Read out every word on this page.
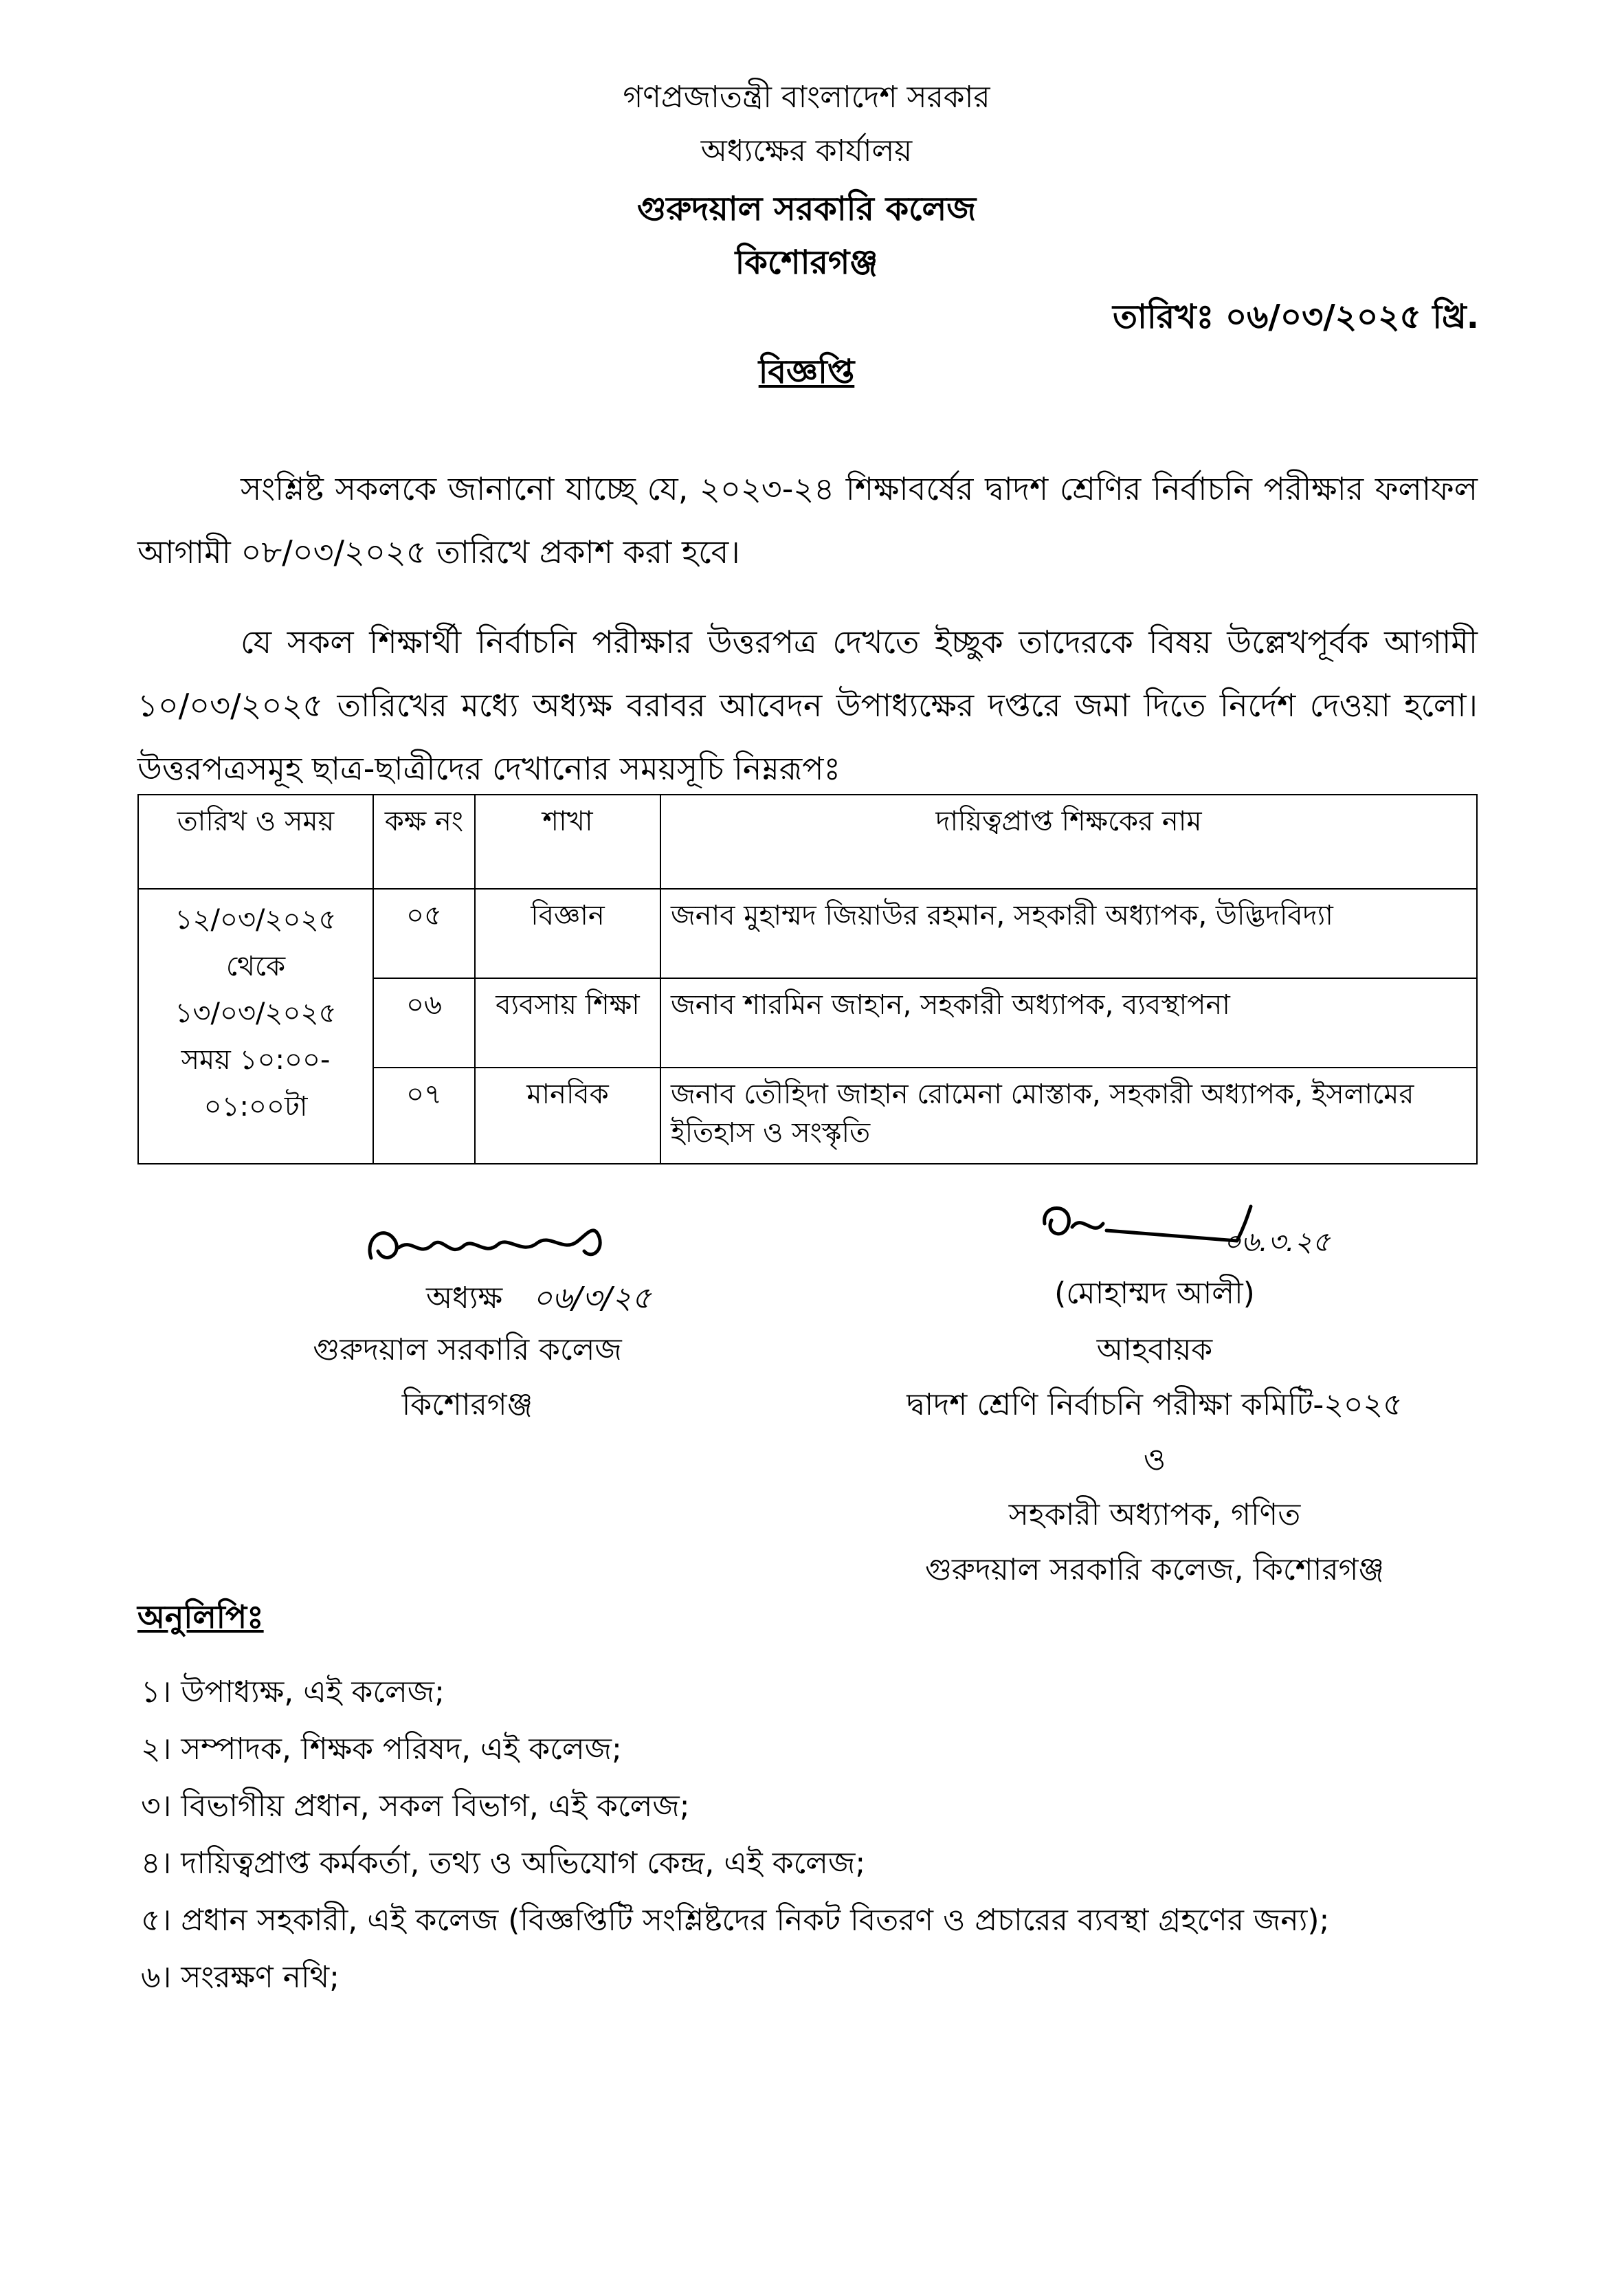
গণপ্রজাতন্ত্রী বাংলাদেশ সরকার
অধ্যক্ষের কার্যালয়
গুরুদয়াল সরকারি কলেজ
কিশোরগঞ্জ
তারিখঃ ০৬/০৩/২০২৫ খ্রি.
বিজ্ঞপ্তি
সংশ্লিষ্ট সকলকে জানানো যাচ্ছে যে, ২০২৩-২৪ শিক্ষাবর্ষের দ্বাদশ শ্রেণির নির্বাচনি পরীক্ষার ফলাফল আগামী ০৮/০৩/২০২৫ তারিখে প্রকাশ করা হবে।
যে সকল শিক্ষার্থী নির্বাচনি পরীক্ষার উত্তরপত্র দেখতে ইচ্ছুক তাদেরকে বিষয় উল্লেখপূর্বক আগামী ১০/০৩/২০২৫ তারিখের মধ্যে অধ্যক্ষ বরাবর আবেদন উপাধ্যক্ষের দপ্তরে জমা দিতে নির্দেশ দেওয়া হলো। উত্তরপত্রসমূহ ছাত্র-ছাত্রীদের দেখানোর সময়সূচি নিম্নরূপঃ
তারিখ ও সময়	কক্ষ নং	শাখা	দায়িত্বপ্রাপ্ত শিক্ষকের নাম

১২/০৩/২০২৫
থেকে
১৩/০৩/২০২৫
সময় ১০:০০-
০১:০০টা	০৫	বিজ্ঞান	জনাব মুহাম্মদ জিয়াউর রহমান, সহকারী অধ্যাপক, উদ্ভিদবিদ্যা
	০৬	ব্যবসায় শিক্ষা	জনাব শারমিন জাহান, সহকারী অধ্যাপক, ব্যবস্থাপনা
	০৭	মানবিক	জনাব তৌহিদা জাহান রোমেনা মোস্তাক, সহকারী অধ্যাপক, ইসলামের ইতিহাস ও সংস্কৃতি
০৬/৩/২৫
অধ্যক্ষ
গুরুদয়াল সরকারি কলেজ
কিশোরগঞ্জ
০৬.৩.২৫
(মোহাম্মদ আলী)
আহবায়ক
দ্বাদশ শ্রেণি নির্বাচনি পরীক্ষা কমিটি-২০২৫
ও
সহকারী অধ্যাপক, গণিত
গুরুদয়াল সরকারি কলেজ, কিশোরগঞ্জ
অনুলিপিঃ
১। উপাধ্যক্ষ, এই কলেজ;
২। সম্পাদক, শিক্ষক পরিষদ, এই কলেজ;
৩। বিভাগীয় প্রধান, সকল বিভাগ, এই কলেজ;
৪। দায়িত্বপ্রাপ্ত কর্মকর্তা, তথ্য ও অভিযোগ কেন্দ্র, এই কলেজ;
৫। প্রধান সহকারী, এই কলেজ (বিজ্ঞপ্তিটি সংশ্লিষ্টদের নিকট বিতরণ ও প্রচারের ব্যবস্থা গ্রহণের জন্য);
৬। সংরক্ষণ নথি;
